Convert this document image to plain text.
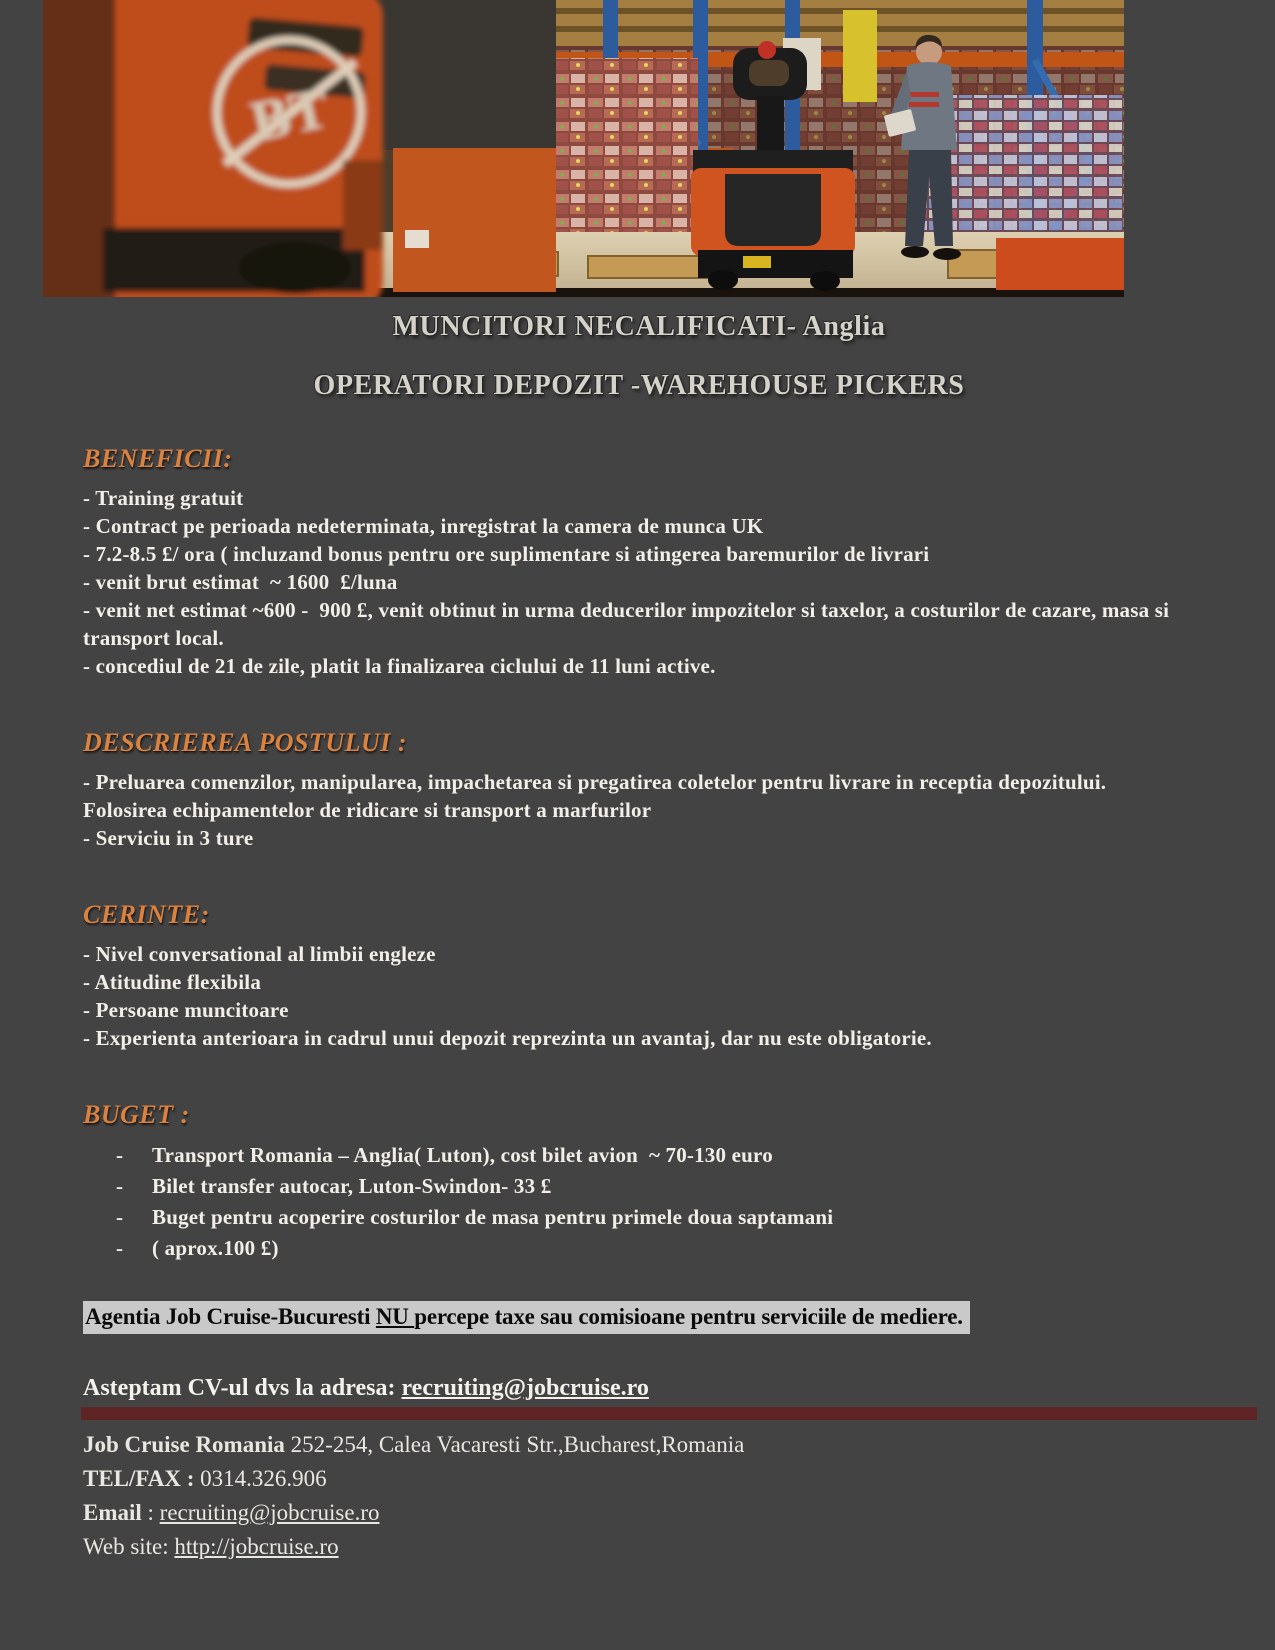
BT
MUNCITORI NECALIFICATI- Anglia
OPERATORI DEPOZIT -WAREHOUSE PICKERS
BENEFICII:
- Training gratuit
- Contract pe perioada nedeterminata, inregistrat la camera de munca UK
- 7.2-8.5 £/ ora ( incluzand bonus pentru ore suplimentare si atingerea baremurilor de livrari
- venit brut estimat  ~ 1600  £/luna
- venit net estimat ~600 -  900 £, venit obtinut in urma deducerilor impozitelor si taxelor, a costurilor de cazare, masa si transport local.
- concediul de 21 de zile, platit la finalizarea ciclului de 11 luni active.
DESCRIEREA POSTULUI :
- Preluarea comenzilor, manipularea, impachetarea si pregatirea coletelor pentru livrare in receptia depozitului.
Folosirea echipamentelor de ridicare si transport a marfurilor
- Serviciu in 3 ture
CERINTE:
- Nivel conversational al limbii engleze
- Atitudine flexibila
- Persoane muncitoare
- Experienta anterioara in cadrul unui depozit reprezinta un avantaj, dar nu este obligatorie.
BUGET :
-	Transport Romania – Anglia( Luton), cost bilet avion  ~ 70-130 euro
-	Bilet transfer autocar, Luton-Swindon- 33 £
-	Buget pentru acoperire costurilor de masa pentru primele doua saptamani
-	( aprox.100 £)
Agentia Job Cruise-Bucuresti NU percepe taxe sau comisioane pentru serviciile de mediere.
Asteptam CV-ul dvs la adresa: recruiting@jobcruise.ro
Job Cruise Romania 252-254, Calea Vacaresti Str.,Bucharest,Romania
TEL/FAX : 0314.326.906
Email : recruiting@jobcruise.ro
Web site: http://jobcruise.ro
